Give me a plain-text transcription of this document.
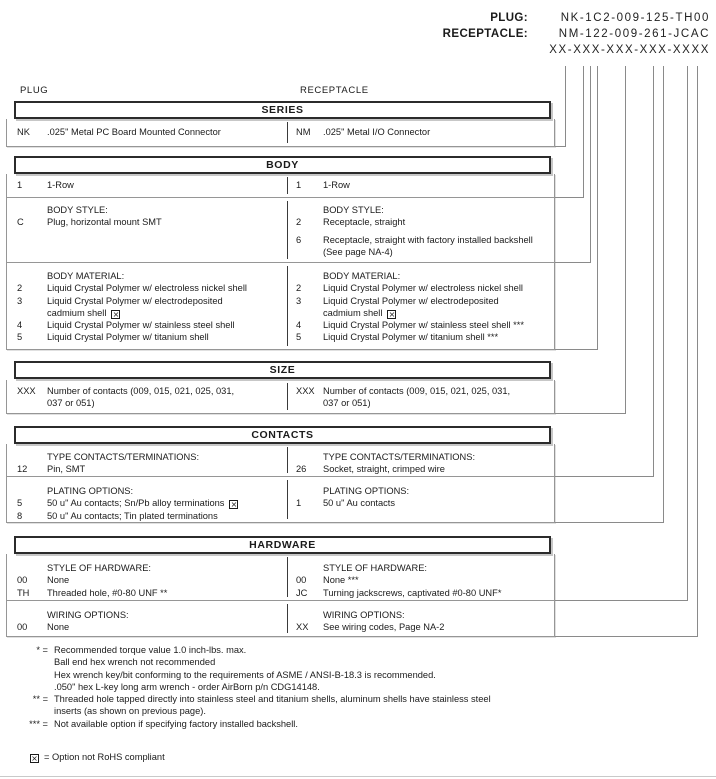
PLUG:	NK-1C2-009-125-TH00
RECEPTACLE:	NM-122-009-261-JCAC
XX-XXX-XXX-XXX-XXXX
PLUG	RECEPTACLE
SERIES
NK .025" Metal PC Board Mounted Connector	NM .025" Metal I/O Connector
BODY
1	1-Row	1 1-Row
BODY STYLE:
C	Plug, horizontal mount SMT
BODY STYLE:
2 Receptacle, straight
6 Receptacle, straight with factory installed backshell
(See page NA-4)
BODY MATERIAL:
2	Liquid Crystal Polymer w/ electroless nickel shell
3	Liquid Crystal Polymer w/ electrodeposited
cadmium shell ×
4	Liquid Crystal Polymer w/ stainless steel shell
5	Liquid Crystal Polymer w/ titanium shell
BODY MATERIAL:
2 Liquid Crystal Polymer w/ electroless nickel shell
3 Liquid Crystal Polymer w/ electrodeposited
cadmium shell ×
4 Liquid Crystal Polymer w/ stainless steel shell ***
5 Liquid Crystal Polymer w/ titanium shell ***
SIZE
XXX Number of contacts (009, 015, 021, 025, 031,
037 or 051)
XXX Number of contacts (009, 015, 021, 025, 031,
037 or 051)
CONTACTS
TYPE CONTACTS/TERMINATIONS:
12 Pin, SMT
TYPE CONTACTS/TERMINATIONS:
26 Socket, straight, crimped wire
PLATING OPTIONS:
5	50 u" Au contacts; Sn/Pb alloy terminations ×
8	50 u" Au contacts; Tin plated terminations
PLATING OPTIONS:
1 50 u" Au contacts
HARDWARE
STYLE OF HARDWARE:
00 None
TH Threaded hole, #0-80 UNF **
STYLE OF HARDWARE:
00 None ***
JC Turning jackscrews, captivated #0-80 UNF*
WIRING OPTIONS:
00 None
WIRING OPTIONS:
XX See wiring codes, Page NA-2
* = Recommended torque value 1.0 inch-lbs. max.
Ball end hex wrench not recommended
Hex wrench key/bit conforming to the requirements of ASME / ANSI-B-18.3 is recommended.
.050" hex L-key long arm wrench - order AirBorn p/n CDG14148.
** = Threaded hole tapped directly into stainless steel and titanium shells, aluminum shells have stainless steel
inserts (as shown on previous page).
*** = Not available option if specifying factory installed backshell.
× = Option not RoHS compliant
